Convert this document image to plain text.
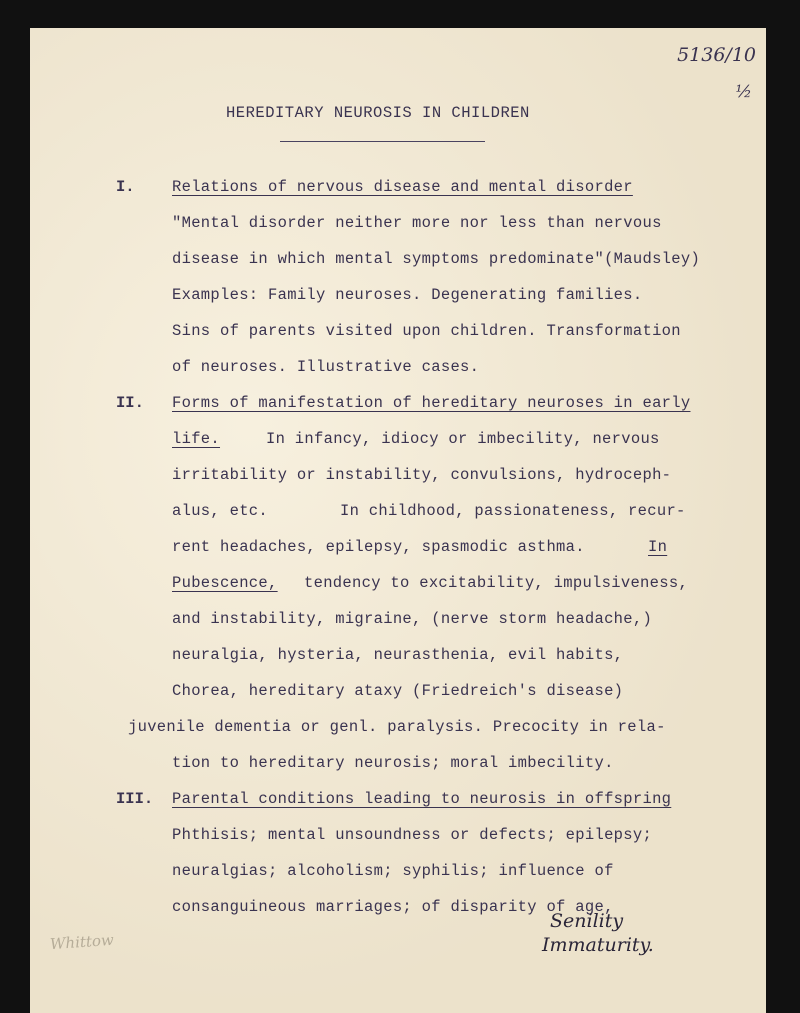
5136/10
½
HEREDITARY NEUROSIS IN CHILDREN
I. Relations of nervous disease and mental disorder
"Mental disorder neither more nor less than nervous
disease in which mental symptoms predominate"(Maudsley)
Examples: Family neuroses. Degenerating families.
Sins of parents visited upon children. Transformation
of neuroses. Illustrative cases.
II. Forms of manifestation of hereditary neuroses in early
life.	In infancy, idiocy or imbecility, nervous
irritability or instability, convulsions, hydroceph-
alus, etc.	In childhood, passionateness, recur-
rent headaches, epilepsy, spasmodic asthma.	In
Pubescence, tendency to excitability, impulsiveness,
and instability, migraine, (nerve storm headache,)
neuralgia, hysteria, neurasthenia, evil habits,
Chorea, hereditary ataxy (Friedreich's disease)
juvenile dementia or genl. paralysis. Precocity in rela-
tion to hereditary neurosis; moral imbecility.
III. Parental conditions leading to neurosis in offspring
Phthisis; mental unsoundness or defects; epilepsy;
neuralgias; alcoholism; syphilis; influence of
consanguineous marriages; of disparity of age,
Senility
Immaturity.
Whittow
